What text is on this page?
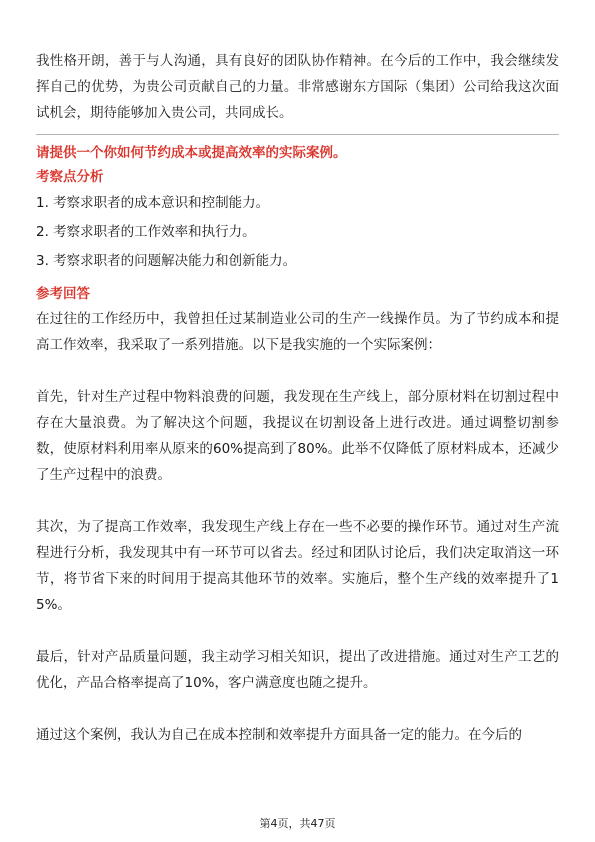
我性格开朗，善于与人沟通，具有良好的团队协作精神。在今后的工作中，我会继续发挥自己的优势，为贵公司贡献自己的力量。非常感谢东方国际（集团）公司给我这次面试机会，期待能够加入贵公司，共同成长。

请提供一个你如何节约成本或提高效率的实际案例。

考察点分析

1. 考察求职者的成本意识和控制能力。
2. 考察求职者的工作效率和执行力。
3. 考察求职者的问题解决能力和创新能力。

参考回答

在过往的工作经历中，我曾担任过某制造业公司的生产一线操作员。为了节约成本和提高工作效率，我采取了一系列措施。以下是我实施的一个实际案例：

首先，针对生产过程中物料浪费的问题，我发现在生产线上，部分原材料在切割过程中存在大量浪费。为了解决这个问题，我提议在切割设备上进行改进。通过调整切割参数，使原材料利用率从原来的60%提高到了80%。此举不仅降低了原材料成本，还减少了生产过程中的浪费。

其次，为了提高工作效率，我发现生产线上存在一些不必要的操作环节。通过对生产流程进行分析，我发现其中有一环节可以省去。经过和团队讨论后，我们决定取消这一环节，将节省下来的时间用于提高其他环节的效率。实施后，整个生产线的效率提升了15%。

最后，针对产品质量问题，我主动学习相关知识，提出了改进措施。通过对生产工艺的优化，产品合格率提高了10%，客户满意度也随之提升。

通过这个案例，我认为自己在成本控制和效率提升方面具备一定的能力。在今后的

第4页，共47页
